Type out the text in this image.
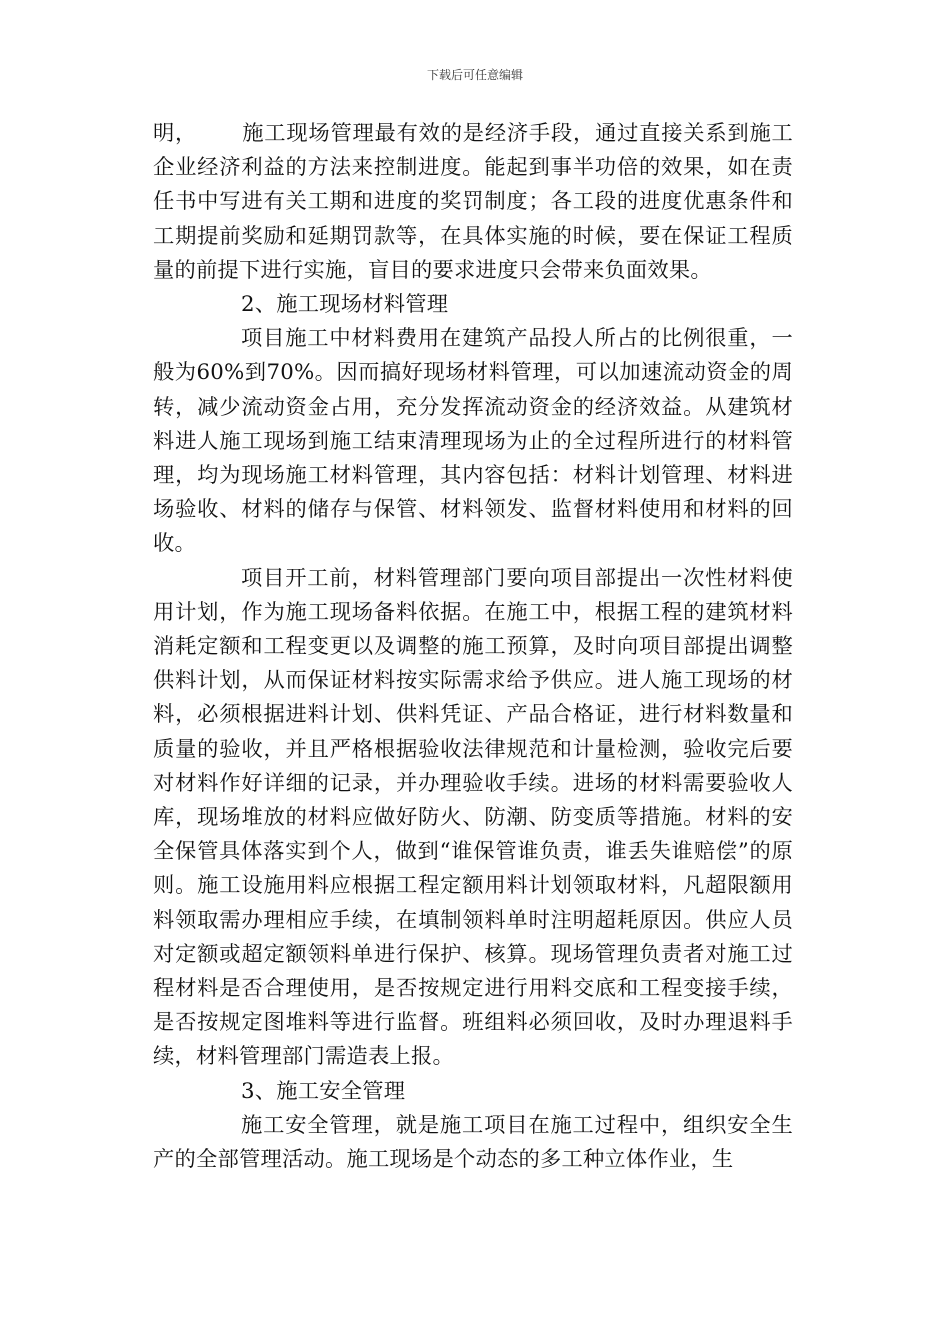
下载后可任意编辑

明，      施工现场管理最有效的是经济手段，通过直接关系到施工企业经济利益的方法来控制进度。能起到事半功倍的效果，如在责任书中写进有关工期和进度的奖罚制度；各工段的进度优惠条件和工期提前奖励和延期罚款等，在具体实施的时候，要在保证工程质量的前提下进行实施，盲目的要求进度只会带来负面效果。

2、施工现场材料管理

项目施工中材料费用在建筑产品投人所占的比例很重，一般为60%到70%。因而搞好现场材料管理，可以加速流动资金的周转，减少流动资金占用，充分发挥流动资金的经济效益。从建筑材料进人施工现场到施工结束清理现场为止的全过程所进行的材料管理，均为现场施工材料管理，其内容包括：材料计划管理、材料进场验收、材料的储存与保管、材料领发、监督材料使用和材料的回收。

项目开工前，材料管理部门要向项目部提出一次性材料使用计划，作为施工现场备料依据。在施工中，根据工程的建筑材料消耗定额和工程变更以及调整的施工预算，及时向项目部提出调整供料计划，从而保证材料按实际需求给予供应。进人施工现场的材料，必须根据进料计划、供料凭证、产品合格证，进行材料数量和质量的验收，并且严格根据验收法律规范和计量检测，验收完后要对材料作好详细的记录，并办理验收手续。进场的材料需要验收人库，现场堆放的材料应做好防火、防潮、防变质等措施。材料的安全保管具体落实到个人，做到“谁保管谁负责，谁丢失谁赔偿”的原则。施工设施用料应根据工程定额用料计划领取材料，凡超限额用料领取需办理相应手续，在填制领料单时注明超耗原因。供应人员对定额或超定额领料单进行保护、核算。现场管理负责者对施工过程材料是否合理使用，是否按规定进行用料交底和工程变接手续，是否按规定图堆料等进行监督。班组料必须回收，及时办理退料手续，材料管理部门需造表上报。

3、施工安全管理

施工安全管理，就是施工项目在施工过程中，组织安全生产的全部管理活动。施工现场是个动态的多工种立体作业，生
